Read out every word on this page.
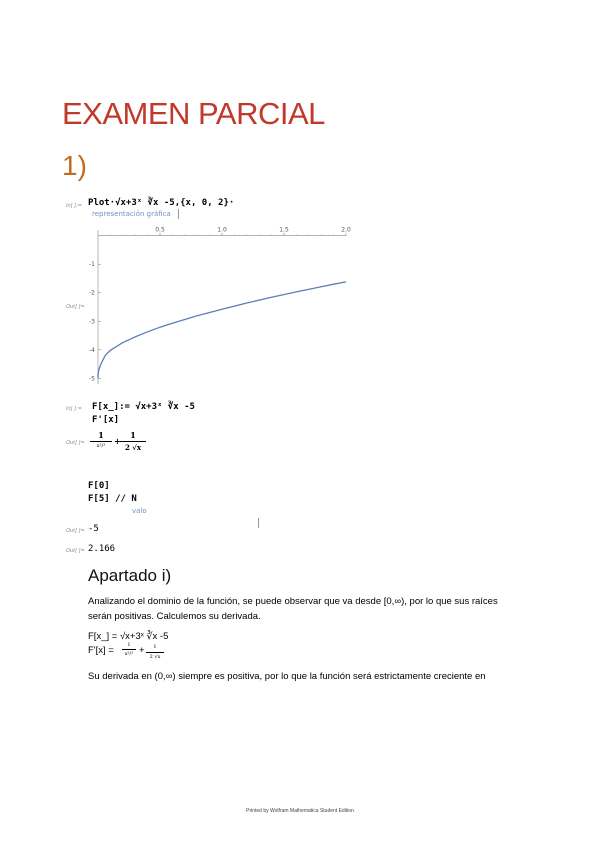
EXAMEN PARCIAL
1)
In[ ]:= Plot·√x+3ˣ ∛x -5,{x, 0, 2}·
representación gráfica
Out[ ]=
0.5	1.0	1.5	2.0
-1
-2
-3
-4
-5
In[ ]:= F[x_]:= √x+3ˣ ∛x -5
F'[x]
Out[ ]=
1
x²/³	+
1
2 √x
F[0]
F[5] // N
valo
Out[ ]= -5
Out[ ]= 2.166
Apartado i)
Analizando el dominio de la función, se puede observar que va desde [0,∞), por lo que sus raíces
serán positivas. Calculemos su derivada.
F[x_] = √x+3ˣ ∛x -5
F'[x] =	1
x²/³ +	1
2 √x
Su derivada en (0,∞) siempre es positiva, por lo que la función será estrictamente creciente en
Printed by Wolfram Mathematica Student Edition
